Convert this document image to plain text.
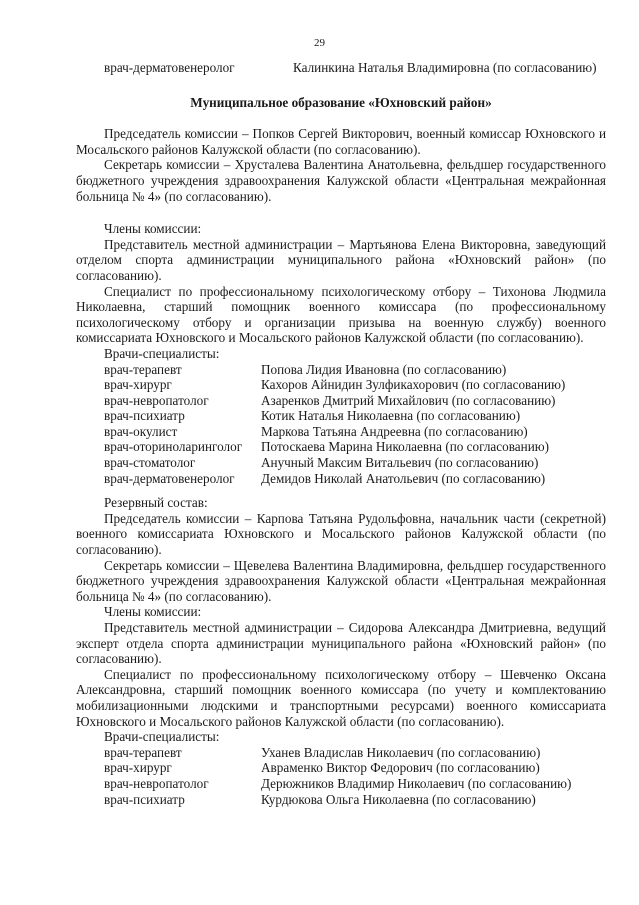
29
врач-дерматовенеролог	Калинкина Наталья Владимировна (по согласованию)
Муниципальное образование «Юхновский район»

Председатель комиссии – Попков Сергей Викторович, военный комиссар Юхновского и Мосальского районов Калужской области (по согласованию).

Секретарь комиссии – Хрусталева Валентина Анатольевна, фельдшер государственного бюджетного учреждения здравоохранения Калужской области «Центральная межрайонная больница № 4» (по согласованию).

Члены комиссии:

Представитель местной администрации – Мартьянова Елена Викторовна, заведующий отделом спорта администрации муниципального района «Юхновский район» (по согласованию).

Специалист по профессиональному психологическому отбору – Тихонова Людмила Николаевна, старший помощник военного комиссара (по профессиональному психологическому отбору и организации призыва на военную службу) военного комиссариата Юхновского и Мосальского районов Калужской области (по согласованию).

Врачи-специалисты:

врач-терапевт	Попова Лидия Ивановна (по согласованию)
врач-хирург	Кахоров Айнидин Зулфикахорович (по согласованию)
врач-невропатолог	Азаренков Дмитрий Михайлович (по согласованию)
врач-психиатр	Котик Наталья Николаевна (по согласованию)
врач-окулист	Маркова Татьяна Андреевна (по согласованию)
врач-оториноларинголог	Потоскаева Марина Николаевна (по согласованию)
врач-стоматолог	Анучный Максим Витальевич (по согласованию)
врач-дерматовенеролог	Демидов Николай Анатольевич (по согласованию)

Резервный состав:

Председатель комиссии – Карпова Татьяна Рудольфовна, начальник части (секретной) военного комиссариата Юхновского и Мосальского районов Калужской области (по согласованию).

Секретарь комиссии – Щевелева Валентина Владимировна, фельдшер государственного бюджетного учреждения здравоохранения Калужской области «Центральная межрайонная больница № 4» (по согласованию).

Члены комиссии:

Представитель местной администрации – Сидорова Александра Дмитриевна, ведущий эксперт отдела спорта администрации муниципального района «Юхновский район» (по согласованию).

Специалист по профессиональному психологическому отбору – Шевченко Оксана Александровна, старший помощник военного комиссара (по учету и комплектованию мобилизационными людскими и транспортными ресурсами) военного комиссариата Юхновского и Мосальского районов Калужской области (по согласованию).

Врачи-специалисты:

врач-терапевт	Уханев Владислав Николаевич (по согласованию)
врач-хирург	Авраменко Виктор Федорович (по согласованию)
врач-невропатолог	Дерюжников Владимир Николаевич (по согласованию)
врач-психиатр	Курдюкова Ольга Николаевна (по согласованию)
